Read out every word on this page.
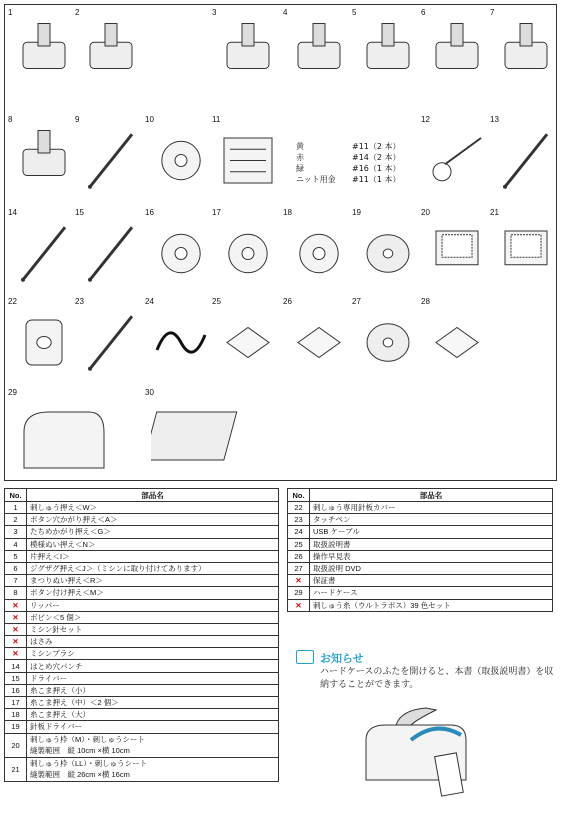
1	2	3	4	5	6	7
8	9	10	11	12	13
14	15	16	17	18	19	20	21
22	23	24	25	26	27	28
29	30
黄	#11（2 本）
赤	#14（2 本）
緑	#16（1 本）
ニット用金	#11（1 本）
No.	部品名
1	刺しゅう押え＜W＞
2	ボタン穴かがり押え＜A＞
3	たちめかがり押え＜G＞
4	模様ぬい押え＜N＞
5	片押え＜I＞
6	ジグザグ押え＜J＞（ミシンに取り付けてあります）
7	まつりぬい押え＜R＞
8	ボタン付け押え＜M＞
✕	リッパー
✕	ボビン＜5 個＞
✕	ミシン針セット
✕	はさみ
✕	ミシンブラシ
14	はとめ穴パンチ
15	ドライバー
16	糸こま押え（小）
17	糸こま押え（中）＜2 個＞
18	糸こま押え（大）
19	針板ドライバー
20	刺しゅう枠（M）・刺しゅうシート
縫製範囲　縦 10cm ×横 10cm

21	刺しゅう枠（LL）・刺しゅうシート
縫製範囲　縦 26cm ×横 16cm
No.	部品名
22	刺しゅう専用針板カバー
23	タッチペン
24	USB ケーブル
25	取扱説明書
26	操作早見表
27	取扱説明 DVD
✕	保証書
29	ハードケース
✕	刺しゅう糸（ウルトラポス）39 色セット
お知らせ
ハードケースのふたを開けると、本書（取扱説明書）を収納することができます。
